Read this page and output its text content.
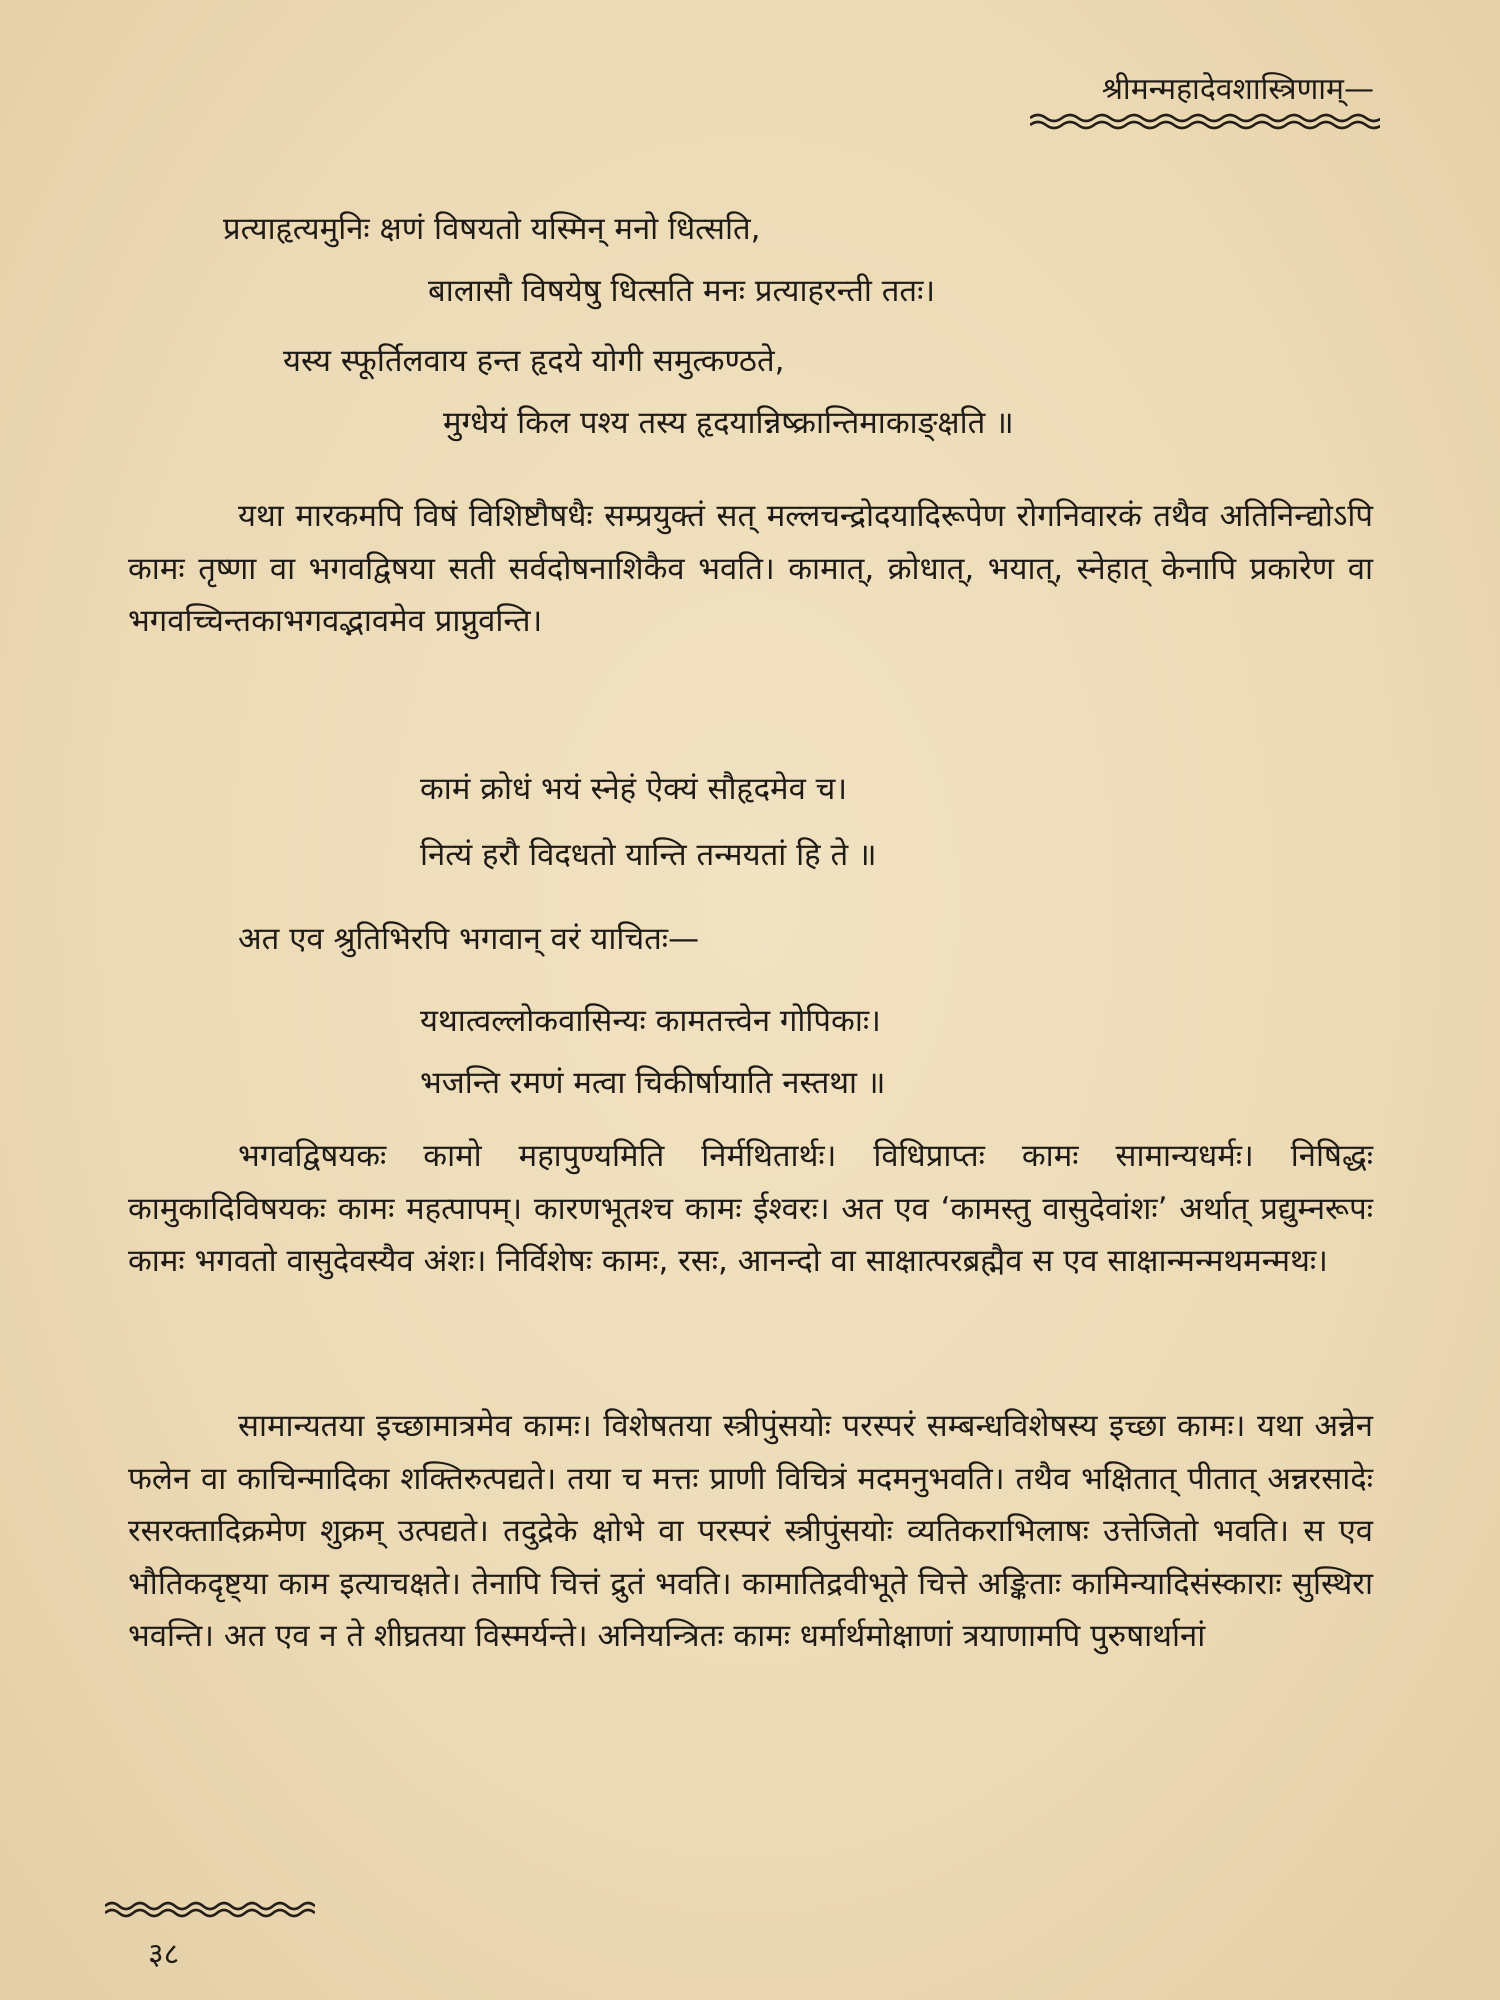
श्रीमन्महादेवशास्त्रिणाम्—
प्रत्याहृत्यमुनिः क्षणं विषयतो यस्मिन् मनो धित्सति,
बालासौ विषयेषु धित्सति मनः प्रत्याहरन्ती ततः।
यस्य स्फूर्तिलवाय हन्त हृदये योगी समुत्कण्ठते,
मुग्धेयं किल पश्य तस्य हृदयान्निष्क्रान्तिमाकाङ्क्षति ॥
यथा मारकमपि विषं विशिष्टौषधैः सम्प्रयुक्तं सत् मल्लचन्द्रोदयादिरूपेण रोगनिवारकं तथैव अतिनिन्द्योऽपि कामः तृष्णा वा भगवद्विषया सती सर्वदोषनाशिकैव भवति। कामात्, क्रोधात्, भयात्, स्नेहात् केनापि प्रकारेण वा भगवच्चिन्तकाभगवद्भावमेव प्राप्नुवन्ति।
कामं क्रोधं भयं स्नेहं ऐक्यं सौहृदमेव च।
नित्यं हरौ विदधतो यान्ति तन्मयतां हि ते ॥
अत एव श्रुतिभिरपि भगवान् वरं याचितः—
यथात्वल्लोकवासिन्यः कामतत्त्वेन गोपिकाः।
भजन्ति रमणं मत्वा चिकीर्षायाति नस्तथा ॥
भगवद्विषयकः कामो महापुण्यमिति निर्मथितार्थः। विधिप्राप्तः कामः सामान्यधर्मः। निषिद्धः कामुकादिविषयकः कामः महत्पापम्। कारणभूतश्च कामः ईश्वरः। अत एव ‘कामस्तु वासुदेवांशः’ अर्थात् प्रद्युम्नरूपः कामः भगवतो वासुदेवस्यैव अंशः। निर्विशेषः कामः, रसः, आनन्दो वा साक्षात्परब्रह्मैव स एव साक्षान्मन्मथमन्मथः।
सामान्यतया इच्छामात्रमेव कामः। विशेषतया स्त्रीपुंसयोः परस्परं सम्बन्धविशेषस्य इच्छा कामः। यथा अन्नेन फलेन वा काचिन्मादिका शक्तिरुत्पद्यते। तया च मत्तः प्राणी विचित्रं मदमनुभवति। तथैव भक्षितात् पीतात् अन्नरसादेः रसरक्तादिक्रमेण शुक्रम् उत्पद्यते। तदुद्रेके क्षोभे वा परस्परं स्त्रीपुंसयोः व्यतिकराभिलाषः उत्तेजितो भवति। स एव भौतिकदृष्ट्या काम इत्याचक्षते। तेनापि चित्तं द्रुतं भवति। कामातिद्रवीभूते चित्ते अङ्किताः कामिन्यादिसंस्काराः सुस्थिरा भवन्ति। अत एव न ते शीघ्रतया विस्मर्यन्ते। अनियन्त्रितः कामः धर्मार्थमोक्षाणां त्रयाणामपि पुरुषार्थानां
३८
